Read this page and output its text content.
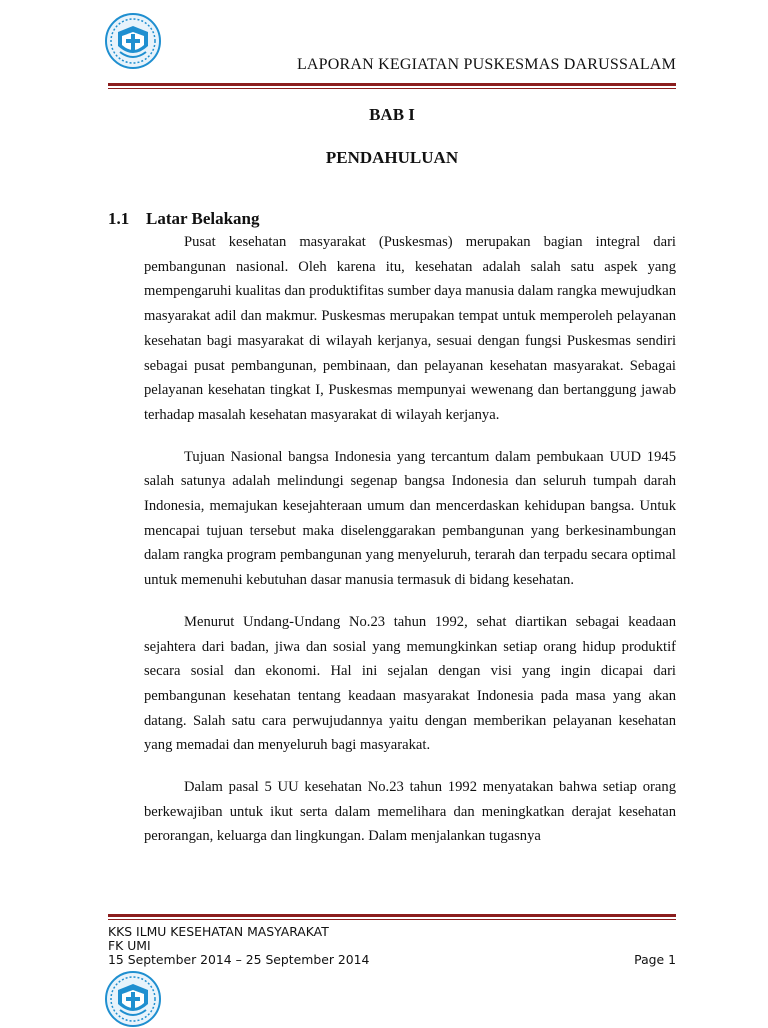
LAPORAN KEGIATAN PUSKESMAS DARUSSALAM
BAB I
PENDAHULUAN
1.1 Latar Belakang

Pusat kesehatan masyarakat (Puskesmas) merupakan bagian integral dari pembangunan nasional. Oleh karena itu, kesehatan adalah salah satu aspek yang mempengaruhi kualitas dan produktifitas sumber daya manusia dalam rangka mewujudkan masyarakat adil dan makmur. Puskesmas merupakan tempat untuk memperoleh pelayanan kesehatan bagi masyarakat di wilayah kerjanya, sesuai dengan fungsi Puskesmas sendiri sebagai pusat pembangunan, pembinaan, dan pelayanan kesehatan masyarakat. Sebagai pelayanan kesehatan tingkat I, Puskesmas mempunyai wewenang dan bertanggung jawab terhadap masalah kesehatan masyarakat di wilayah kerjanya.

Tujuan Nasional bangsa Indonesia yang tercantum dalam pembukaan UUD 1945 salah satunya adalah melindungi segenap bangsa Indonesia dan seluruh tumpah darah Indonesia, memajukan kesejahteraan umum dan mencerdaskan kehidupan bangsa. Untuk mencapai tujuan tersebut maka diselenggarakan pembangunan yang berkesinambungan dalam rangka program pembangunan yang menyeluruh, terarah dan terpadu secara optimal untuk memenuhi kebutuhan dasar manusia termasuk di bidang kesehatan.

Menurut Undang-Undang No.23 tahun 1992, sehat diartikan sebagai keadaan sejahtera dari badan, jiwa dan sosial yang memungkinkan setiap orang hidup produktif secara sosial dan ekonomi. Hal ini sejalan dengan visi yang ingin dicapai dari pembangunan kesehatan tentang keadaan masyarakat Indonesia pada masa yang akan datang. Salah satu cara perwujudannya yaitu dengan memberikan pelayanan kesehatan yang memadai dan menyeluruh bagi masyarakat.

Dalam pasal 5 UU kesehatan No.23 tahun 1992 menyatakan bahwa setiap orang berkewajiban untuk ikut serta dalam memelihara dan meningkatkan derajat kesehatan perorangan, keluarga dan lingkungan. Dalam menjalankan tugasnya

KKS ILMU KESEHATAN MASYARAKAT
FK UMI
15 September 2014 – 25 September 2014	Page 1
